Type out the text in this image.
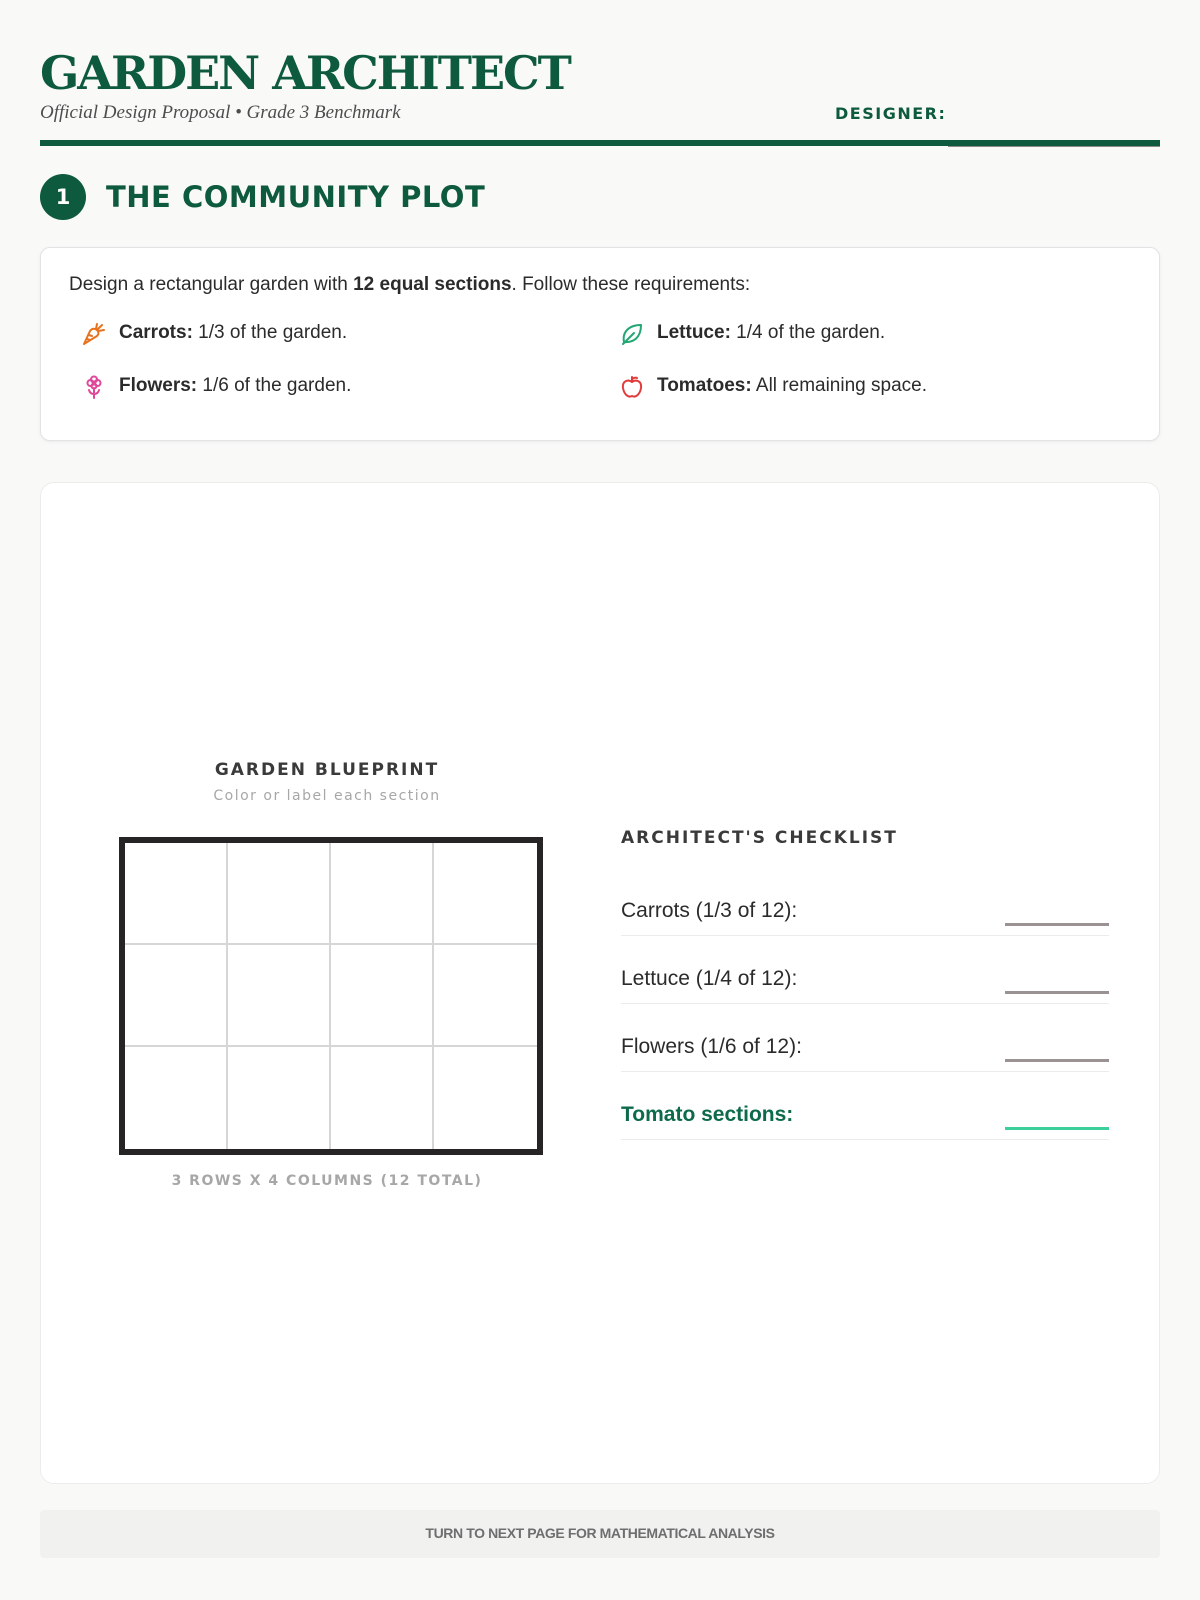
GARDEN ARCHITECT
Official Design Proposal • Grade 3 Benchmark	DESIGNER:
1	THE COMMUNITY PLOT
Design a rectangular garden with 12 equal sections. Follow these requirements:
Carrots: 1/3 of the garden.	Lettuce: 1/4 of the garden.
Flowers: 1/6 of the garden.	Tomatoes: All remaining space.
GARDEN BLUEPRINT
Color or label each section
3 ROWS X 4 COLUMNS (12 TOTAL)
ARCHITECT'S CHECKLIST
Carrots (1/3 of 12):
Lettuce (1/4 of 12):
Flowers (1/6 of 12):
Tomato sections:
TURN TO NEXT PAGE FOR MATHEMATICAL ANALYSIS
